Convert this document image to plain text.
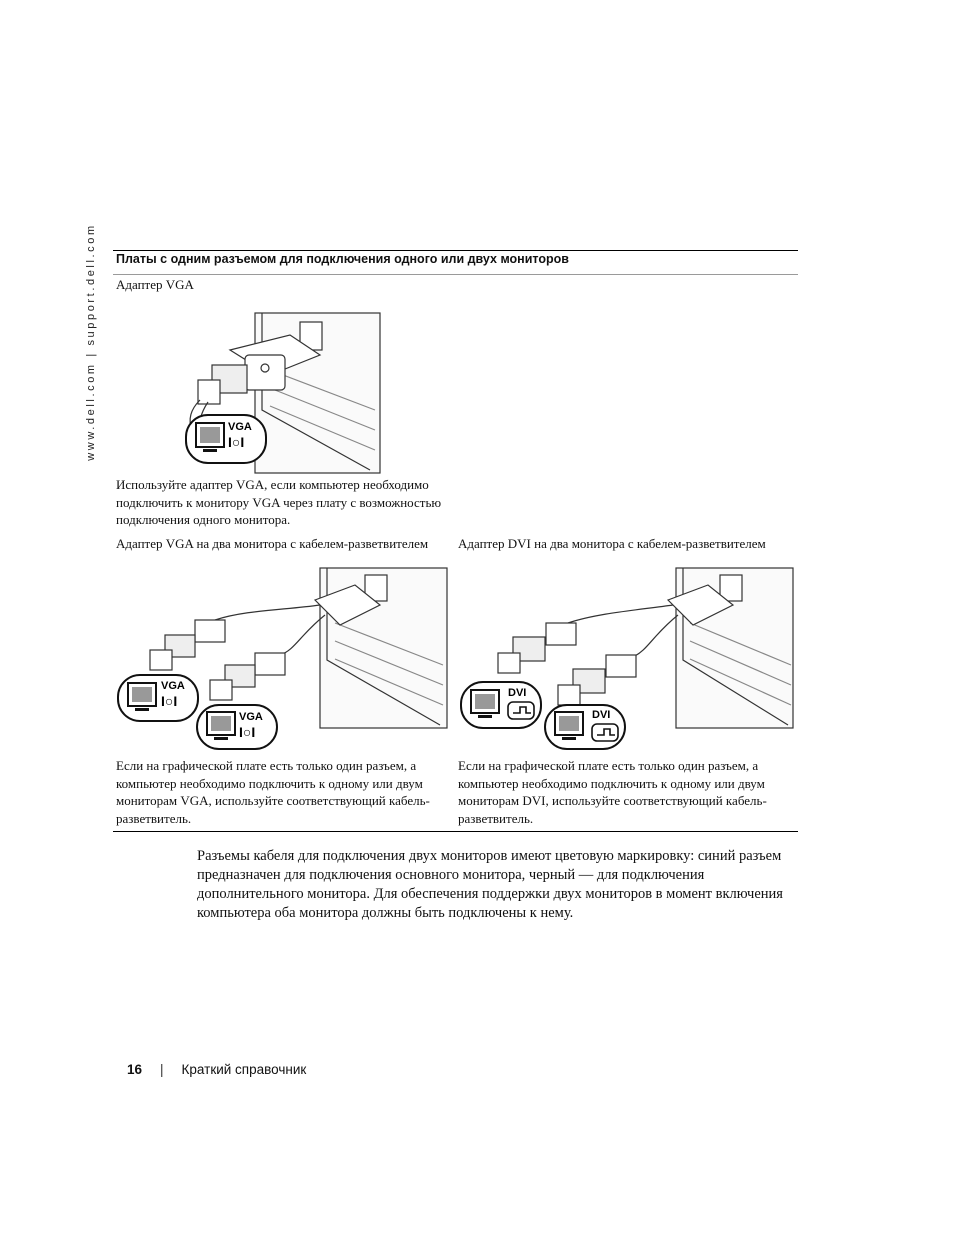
www.dell.com | support.dell.com Платы с одним разъемом для подключения одного или двух мониторов
Адаптер VGA
VGA
I○I
Используйте адаптер VGA, если компьютер необходимо подключить к монитору VGA через плату с возможностью подключения одного монитора.
Адаптер VGA на два монитора с кабелем-разветвителем Адаптер DVI на два монитора с кабелем-разветвителем
VGA
I○I
VGA
I○I
DVI
DVI
Если на графической плате есть только один разъем, а компьютер необходимо подключить к одному или двум мониторам VGA, используйте соответствующий кабель-разветвитель.
Если на графической плате есть только один разъем, а компьютер необходимо подключить к одному или двум мониторам DVI, используйте соответствующий кабель-разветвитель.
Разъемы кабеля для подключения двух мониторов имеют цветовую маркировку: синий разъем предназначен для подключения основного монитора, черный — для подключения дополнительного монитора. Для обеспечения поддержки двух мониторов в момент включения компьютера оба монитора должны быть подключены к нему.
16 | Краткий справочник
